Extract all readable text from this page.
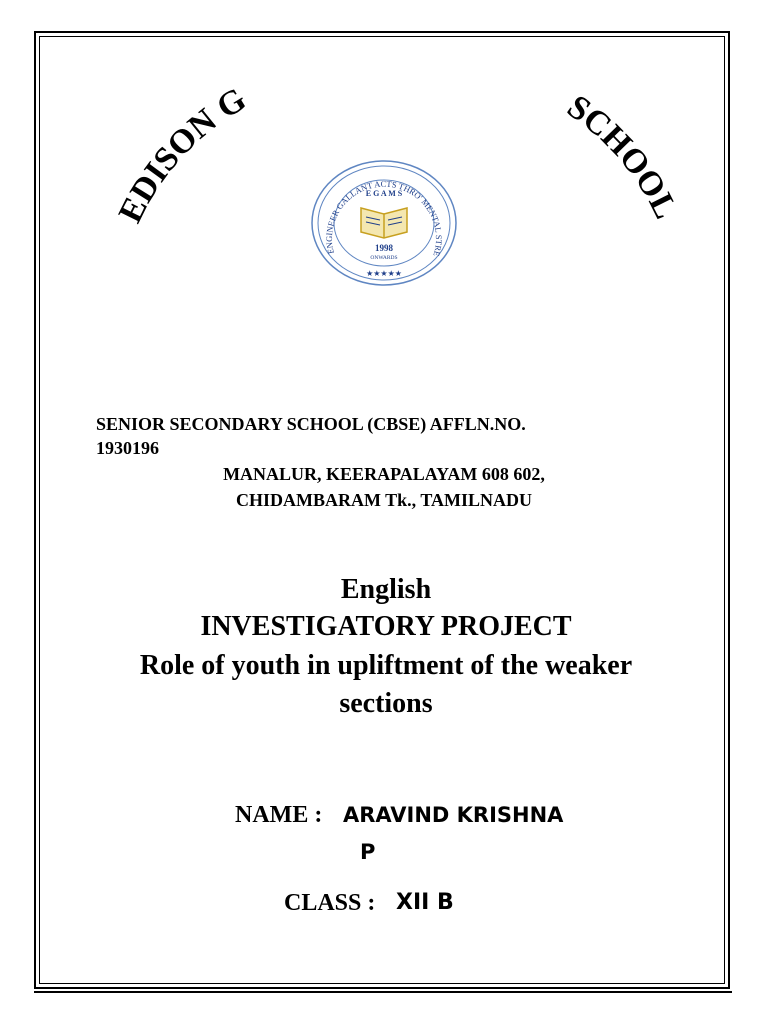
EDISON G	SCHOOL
ENGINEER GALLANT ACTS THRO' MENTAL STRE
E G A M S
1998
ONWARDS
★★★★★
SENIOR SECONDARY SCHOOL (CBSE) AFFLN.NO.
1930196
MANALUR, KEERAPALAYAM 608 602,
CHIDAMBARAM Tk., TAMILNADU
English
INVESTIGATORY PROJECT
Role of youth in upliftment of the weaker sections
NAME : ARAVIND KRISHNA
P
CLASS : XII B
